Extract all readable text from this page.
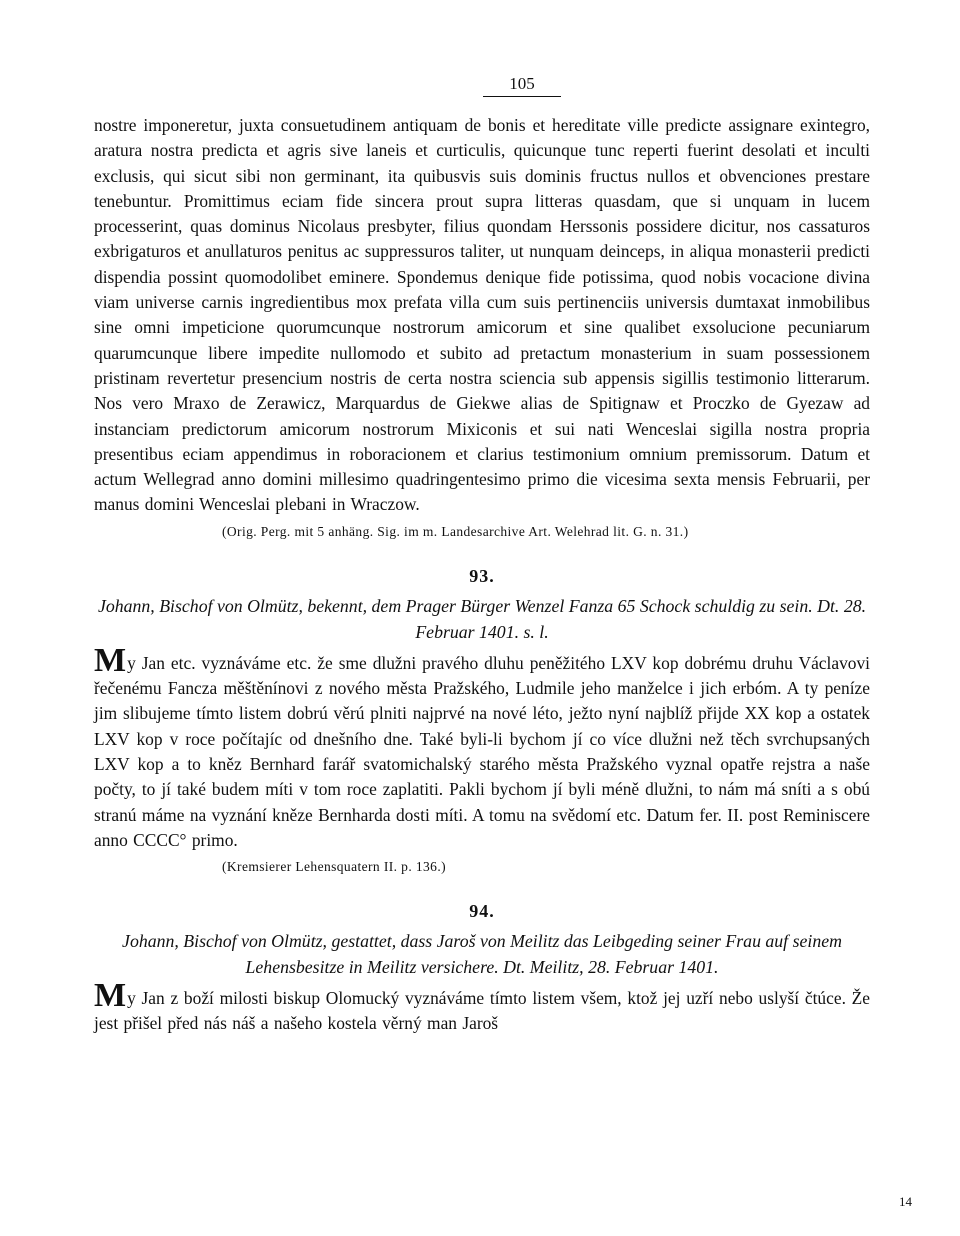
105

nostre imponeretur, juxta consuetudinem antiquam de bonis et hereditate ville predicte assignare exintegro, aratura nostra predicta et agris sive laneis et curticulis, quicunque tunc reperti fuerint desolati et inculti exclusis, qui sicut sibi non germinant, ita quibusvis suis dominis fructus nullos et obvenciones prestare tenebuntur. Promittimus eciam fide sincera prout supra litteras quasdam, que si unquam in lucem processerint, quas dominus Nicolaus presbyter, filius quondam Herssonis possidere dicitur, nos cassaturos exbrigaturos et anullaturos penitus ac suppressuros taliter, ut nunquam deinceps, in aliqua monasterii predicti dispendia possint quomodolibet eminere. Spondemus denique fide potissima, quod nobis vocacione divina viam universe carnis ingredientibus mox prefata villa cum suis pertinenciis universis dumtaxat inmobilibus sine omni impeticione quorumcunque nostrorum amicorum et sine qualibet exsolucione pecuniarum quarumcunque libere impedite nullomodo et subito ad pretactum monasterium in suam possessionem pristinam revertetur presencium nostris de certa nostra sciencia sub appensis sigillis testimonio litterarum. Nos vero Mraxo de Zerawicz, Marquardus de Giekwe alias de Spitignaw et Proczko de Gyezaw ad instanciam predictorum amicorum nostrorum Mixiconis et sui nati Wenceslai sigilla nostra propria presentibus eciam appendimus in roboracionem et clarius testimonium omnium premissorum. Datum et actum Wellegrad anno domini millesimo quadringentesimo primo die vicesima sexta mensis Februarii, per manus domini Wenceslai plebani in Wraczow.

(Orig. Perg. mit 5 anhäng. Sig. im m. Landesarchive Art. Welehrad lit. G. n. 31.)

93.

Johann, Bischof von Olmütz, bekennt, dem Prager Bürger Wenzel Fanza 65 Schock schuldig zu sein. Dt. 28. Februar 1401. s. l.

My Jan etc. vyznáváme etc. že sme dlužni pravého dluhu peněžitého LXV kop dobrému druhu Václavovi řečenému Fancza měštěnínovi z nového města Pražského, Ludmile jeho manželce i jich erbóm. A ty peníze jim slibujeme tímto listem dobrú věrú plniti najprvé na nové léto, ježto nyní najblíž přijde XX kop a ostatek LXV kop v roce počítajíc od dnešního dne. Také byli-li bychom jí co více dlužni než těch svrchupsaných LXV kop a to kněz Bernhard farář svatomichalský starého města Pražského vyznal opatře rejstra a naše počty, to jí také budem míti v tom roce zaplatiti. Pakli bychom jí byli méně dlužni, to nám má sníti a s obú stranú máme na vyznání kněze Bernharda dosti míti. A tomu na svědomí etc. Datum fer. II. post Reminiscere anno CCCC° primo.

(Kremsierer Lehensquatern II. p. 136.)

94.

Johann, Bischof von Olmütz, gestattet, dass Jaroš von Meilitz das Leibgeding seiner Frau auf seinem Lehensbesitze in Meilitz versichere. Dt. Meilitz, 28. Februar 1401.

My Jan z boží milosti biskup Olomucký vyznáváme tímto listem všem, ktož jej uzří nebo uslyší čtúce. Že jest přišel před nás náš a našeho kostela věrný man Jaroš

14
